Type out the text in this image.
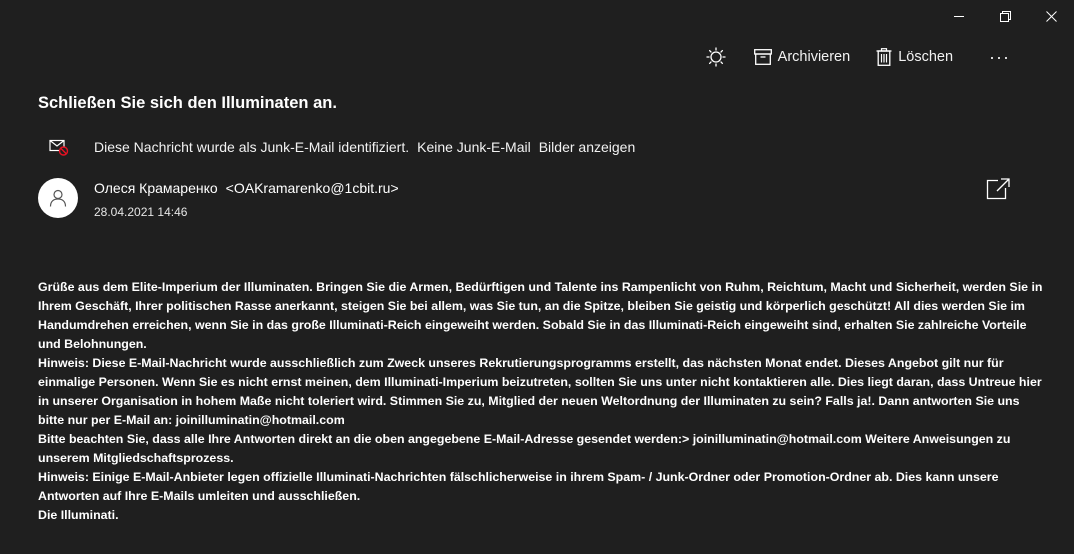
Archivieren	Löschen ···
Schließen Sie sich den Illuminaten an.
Diese Nachricht wurde als Junk-E-Mail identifiziert. Keine Junk-E-Mail Bilder anzeigen
Олеся Крамаренко <OAKramarenko@1cbit.ru>
28.04.2021 14:46

Grüße aus dem Elite-Imperium der Illuminaten. Bringen Sie die Armen, Bedürftigen und Talente ins Rampenlicht von Ruhm, Reichtum, Macht und Sicherheit, werden Sie in Ihrem Geschäft, Ihrer politischen Rasse anerkannt, steigen Sie bei allem, was Sie tun, an die Spitze, bleiben Sie geistig und körperlich geschützt! All dies werden Sie im Handumdrehen erreichen, wenn Sie in das große Illuminati-Reich eingeweiht werden. Sobald Sie in das Illuminati-Reich eingeweiht sind, erhalten Sie zahlreiche Vorteile und Belohnungen.

Hinweis: Diese E-Mail-Nachricht wurde ausschließlich zum Zweck unseres Rekrutierungsprogramms erstellt, das nächsten Monat endet. Dieses Angebot gilt nur für einmalige Personen. Wenn Sie es nicht ernst meinen, dem Illuminati-Imperium beizutreten, sollten Sie uns unter nicht kontaktieren alle. Dies liegt daran, dass Untreue hier in unserer Organisation in hohem Maße nicht toleriert wird. Stimmen Sie zu, Mitglied der neuen Weltordnung der Illuminaten zu sein? Falls ja!. Dann antworten Sie uns bitte nur per E-Mail an: joinilluminatin@hotmail.com

Bitte beachten Sie, dass alle Ihre Antworten direkt an die oben angegebene E-Mail-Adresse gesendet werden:> joinilluminatin@hotmail.com Weitere Anweisungen zu unserem Mitgliedschaftsprozess.

Hinweis: Einige E-Mail-Anbieter legen offizielle Illuminati-Nachrichten fälschlicherweise in ihrem Spam- / Junk-Ordner oder Promotion-Ordner ab. Dies kann unsere Antworten auf Ihre E-Mails umleiten und ausschließen.

Die Illuminati.
